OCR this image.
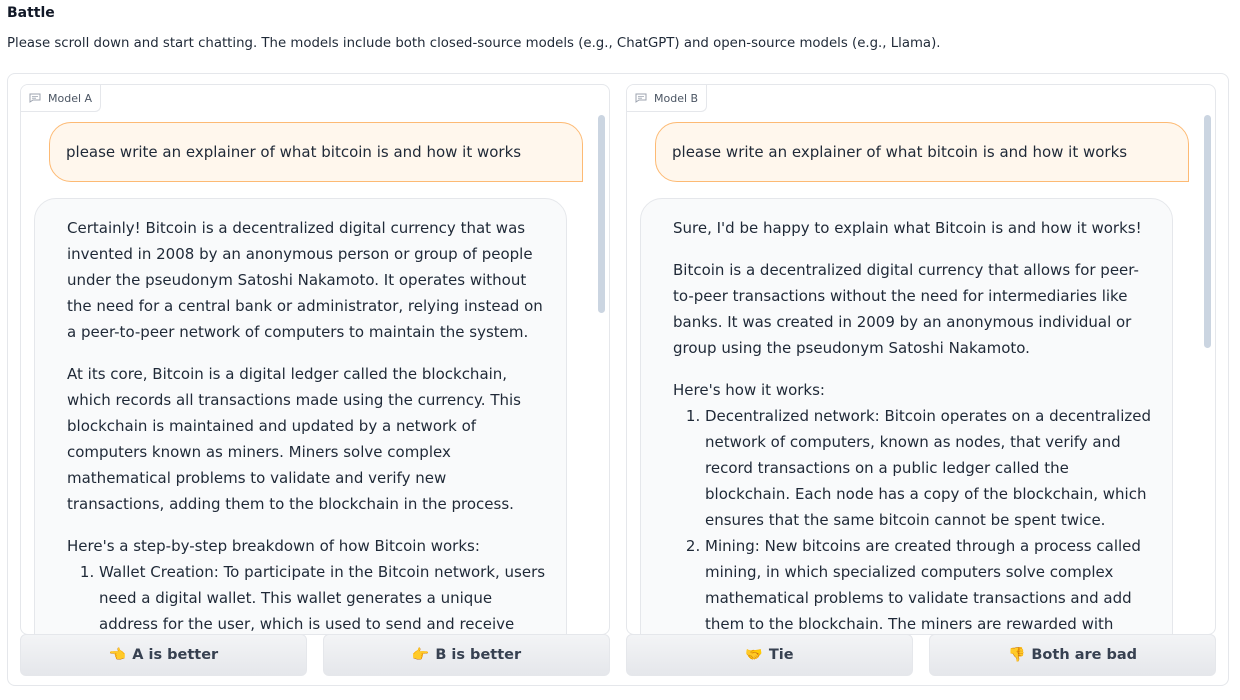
Battle
Please scroll down and start chatting. The models include both closed-source models (e.g., ChatGPT) and open-source models (e.g., Llama).
Model A
please write an explainer of what bitcoin is and how it works

Certainly! Bitcoin is a decentralized digital currency that was invented in 2008 by an anonymous person or group of people under the pseudonym Satoshi Nakamoto. It operates without the need for a central bank or administrator, relying instead on a peer-to-peer network of computers to maintain the system.

At its core, Bitcoin is a digital ledger called the blockchain, which records all transactions made using the currency. This blockchain is maintained and updated by a network of computers known as miners. Miners solve complex mathematical problems to validate and verify new transactions, adding them to the blockchain in the process.

Here's a step-by-step breakdown of how Bitcoin works:

1. Wallet Creation: To participate in the Bitcoin network, users need a digital wallet. This wallet generates a unique address for the user, which is used to send and receive
Model B
please write an explainer of what bitcoin is and how it works

Sure, I'd be happy to explain what Bitcoin is and how it works!

Bitcoin is a decentralized digital currency that allows for peer-to-peer transactions without the need for intermediaries like banks. It was created in 2009 by an anonymous individual or group using the pseudonym Satoshi Nakamoto.

Here's how it works:

1. Decentralized network: Bitcoin operates on a decentralized network of computers, known as nodes, that verify and record transactions on a public ledger called the blockchain. Each node has a copy of the blockchain, which ensures that the same bitcoin cannot be spent twice.
2. Mining: New bitcoins are created through a process called mining, in which specialized computers solve complex mathematical problems to validate transactions and add them to the blockchain. The miners are rewarded with
👈 A is better	👉 B is better	🤝 Tie	👎 Both are bad
